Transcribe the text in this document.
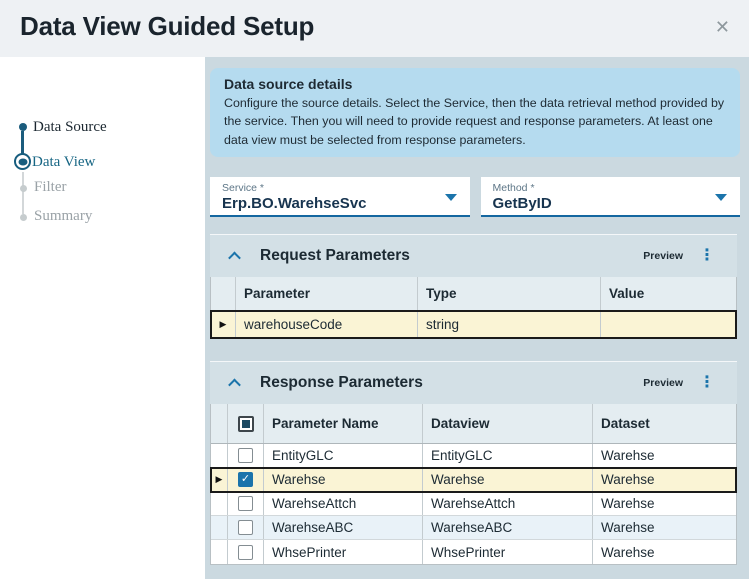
Data View Guided Setup	✕
Data Source
Data View
Filter
Summary
Data source details

Configure the source details. Select the Service, then the data retrieval method provided by the service. Then you will need to provide request and response parameters. At least one data view must be selected from response parameters.

Service *
Erp.BO.WarehseSvc
Method *
GetByID
Request Parameters	Preview ⋮
Parameter	Type	Value
▶	warehouseCode	string
Response Parameters	Preview ⋮
Parameter Name	Dataview	Dataset
EntityGLC	EntityGLC	Warehse
▶ ✓	Warehse	Warehse	Warehse
WarehseAttch	WarehseAttch	Warehse
WarehseABC	WarehseABC	Warehse
WhsePrinter	WhsePrinter	Warehse
